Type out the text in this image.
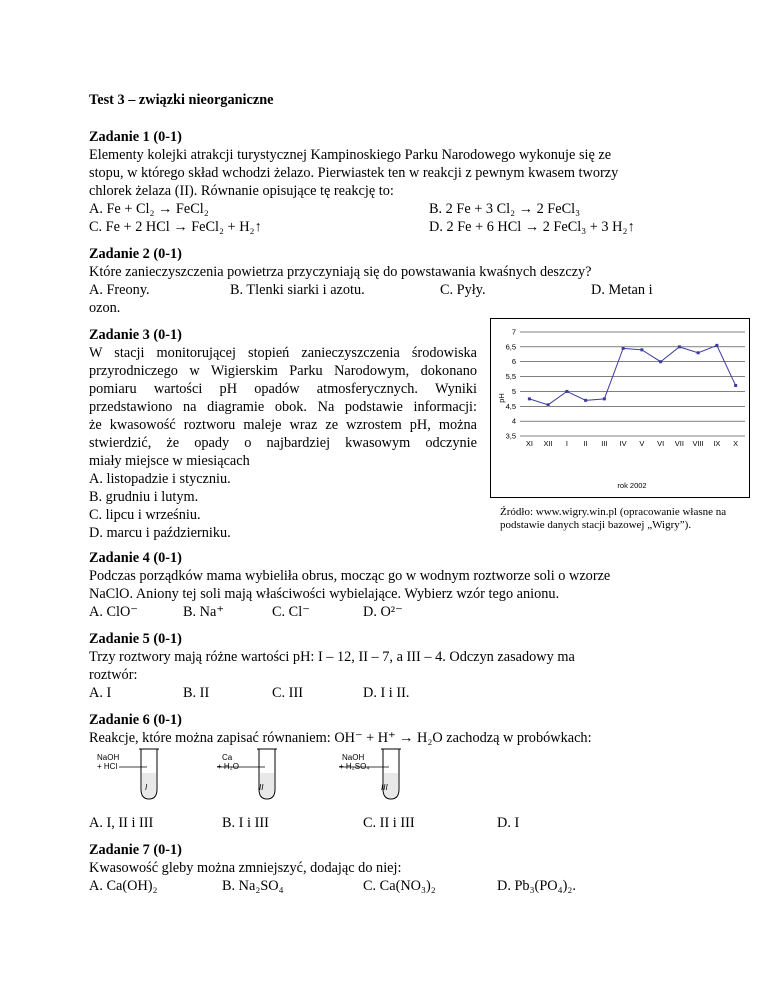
Test 3 – związki nieorganiczne
Zadanie 1 (0-1)
Elementy kolejki atrakcji turystycznej Kampinoskiego Parku Narodowego wykonuje się ze
stopu, w którego skład wchodzi żelazo. Pierwiastek ten w reakcji z pewnym kwasem tworzy
chlorek żelaza (II). Równanie opisujące tę reakcję to:
A. Fe + Cl₂ → FeCl₂	B. 2 Fe + 3 Cl₂ → 2 FeCl₃
C. Fe + 2 HCl → FeCl₂ + H₂↑	D. 2 Fe + 6 HCl → 2 FeCl₃ + 3 H₂↑
Zadanie 2 (0-1)
Które zanieczyszczenia powietrza przyczyniają się do powstawania kwaśnych deszczy?
A. Freony.	B. Tlenki siarki i azotu.	C. Pyły.	D. Metan i
ozon.
Zadanie 3 (0-1)
W stacji monitorującej stopień zanieczyszczenia środowiska
przyrodniczego w Wigierskim Parku Narodowym, dokonano
pomiaru wartości pH opadów atmosferycznych. Wyniki
przedstawiono na diagramie obok. Na podstawie informacji:
że kwasowość roztworu maleje wraz ze wzrostem pH, można
stwierdzić, że opady o najbardziej kwasowym odczynie
miały miejsce w miesiącach
A. listopadzie i styczniu.
B. grudniu i lutym.
C. lipcu i wrześniu.
D. marcu i październiku.
3,5
4
4,5
5
5,5
6
6,5
7
XI XII I II III IV V VI VII VIII IX X
pH
rok 2002
Źródło: www.wigry.win.pl (opracowanie własne na
podstawie danych stacji bazowej „Wigry”).
Zadanie 4 (0-1)
Podczas porządków mama wybieliła obrus, mocząc go w wodnym roztworze soli o wzorze
NaClO. Aniony tej soli mają właściwości wybielające. Wybierz wzór tego anionu.
A. ClO⁻	B. Na⁺	C. Cl⁻	D. O²⁻
Zadanie 5 (0-1)
Trzy roztwory mają różne wartości pH: I – 12, II – 7, a III – 4. Odczyn zasadowy ma
roztwór:
A. I	B. II	C. III	D. I i II.
Zadanie 6 (0-1)
Reakcje, które można zapisać równaniem: OH⁻ + H⁺ → H₂O zachodzą w probówkach:
NaOH
+ HCl
I
Ca
+ H₂O
II
NaOH
+ H₂SO₄
III
A. I, II i III	B. I i III	C. II i III	D. I
Zadanie 7 (0-1)
Kwasowość gleby można zmniejszyć, dodając do niej:
A. Ca(OH)₂	B. Na₂SO₄	C. Ca(NO₃)₂	D. Pb₃(PO₄)₂.
